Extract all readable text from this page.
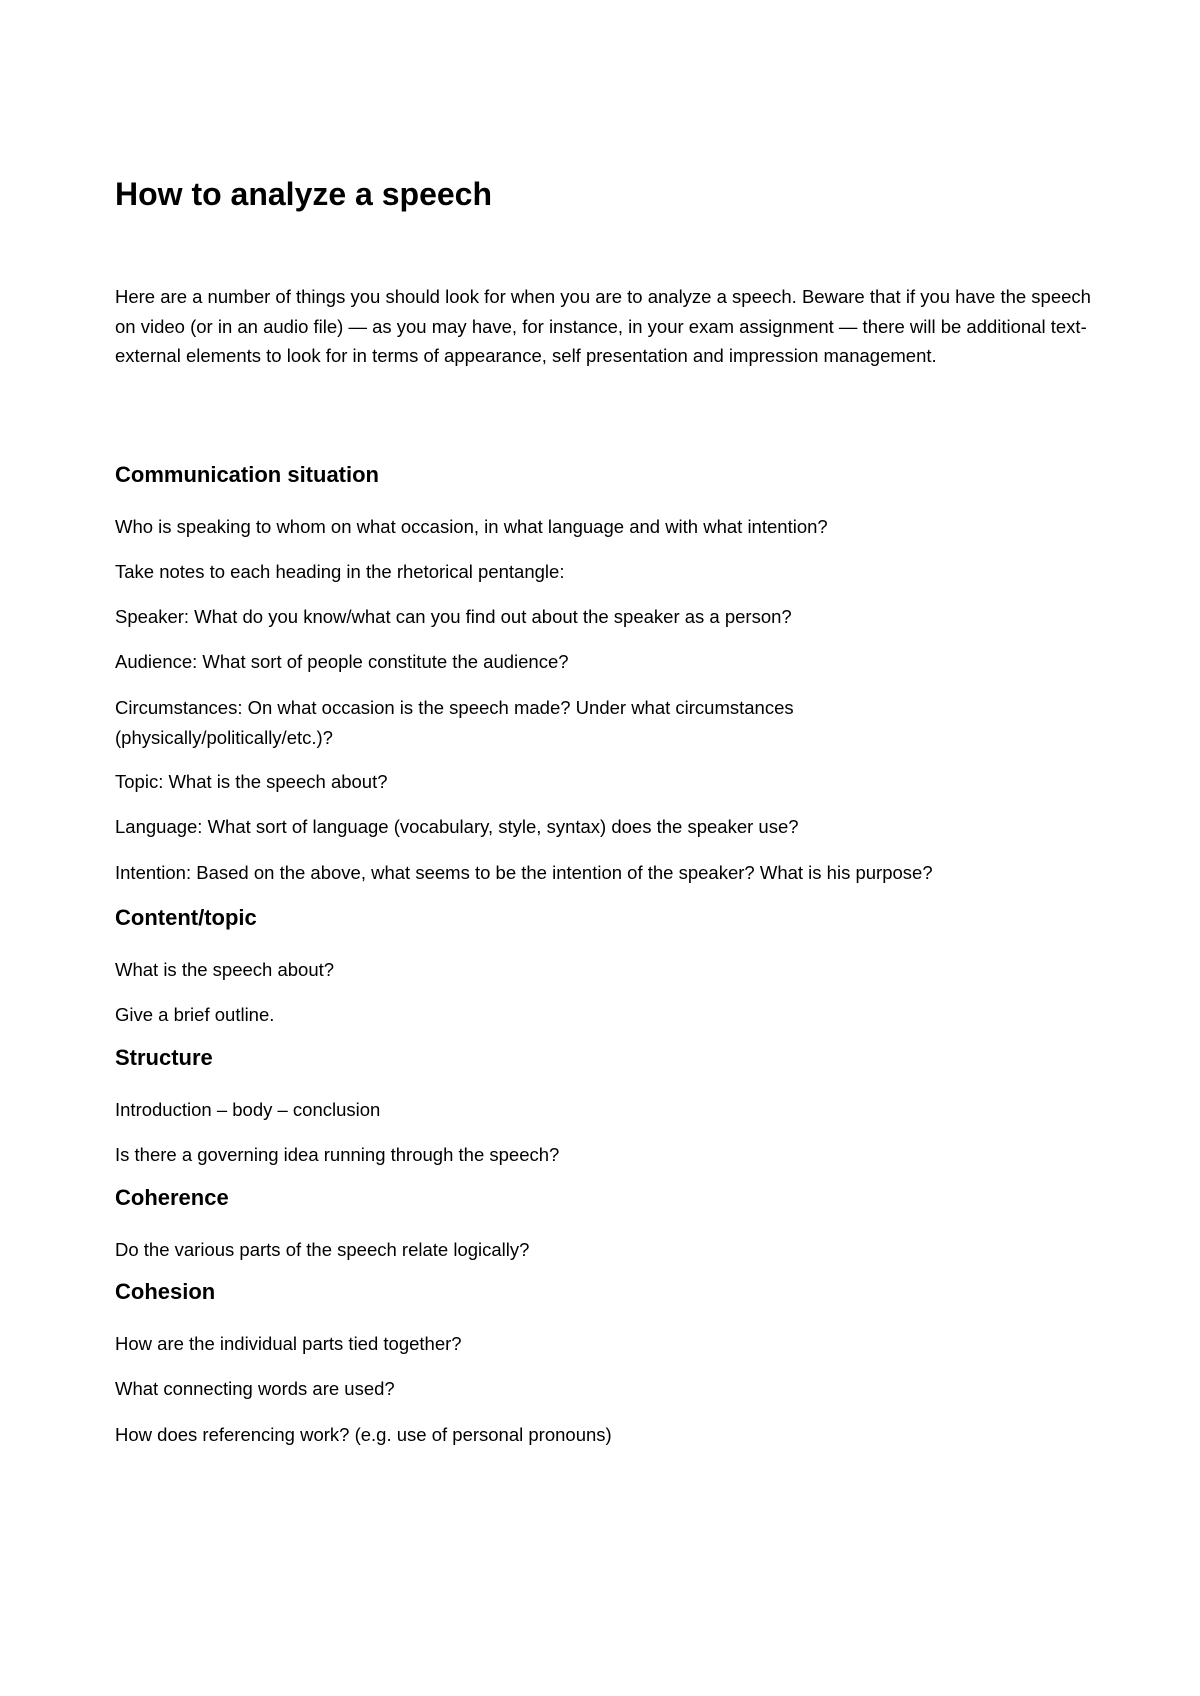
How to analyze a speech

Here are a number of things you should look for when you are to analyze a speech. Beware that if you have the speech on video (or in an audio file) — as you may have, for instance, in your exam assignment — there will be additional text-external elements to look for in terms of appearance, self presentation and impression management.

Communication situation

Who is speaking to whom on what occasion, in what language and with what intention?

Take notes to each heading in the rhetorical pentangle:

Speaker: What do you know/what can you find out about the speaker as a person?

Audience: What sort of people constitute the audience?

Circumstances: On what occasion is the speech made? Under what circumstances (physically/politically/etc.)?

Topic: What is the speech about?

Language: What sort of language (vocabulary, style, syntax) does the speaker use?

Intention: Based on the above, what seems to be the intention of the speaker? What is his purpose?

Content/topic

What is the speech about?

Give a brief outline.

Structure

Introduction – body – conclusion

Is there a governing idea running through the speech?

Coherence

Do the various parts of the speech relate logically?

Cohesion

How are the individual parts tied together?

What connecting words are used?

How does referencing work? (e.g. use of personal pronouns)
